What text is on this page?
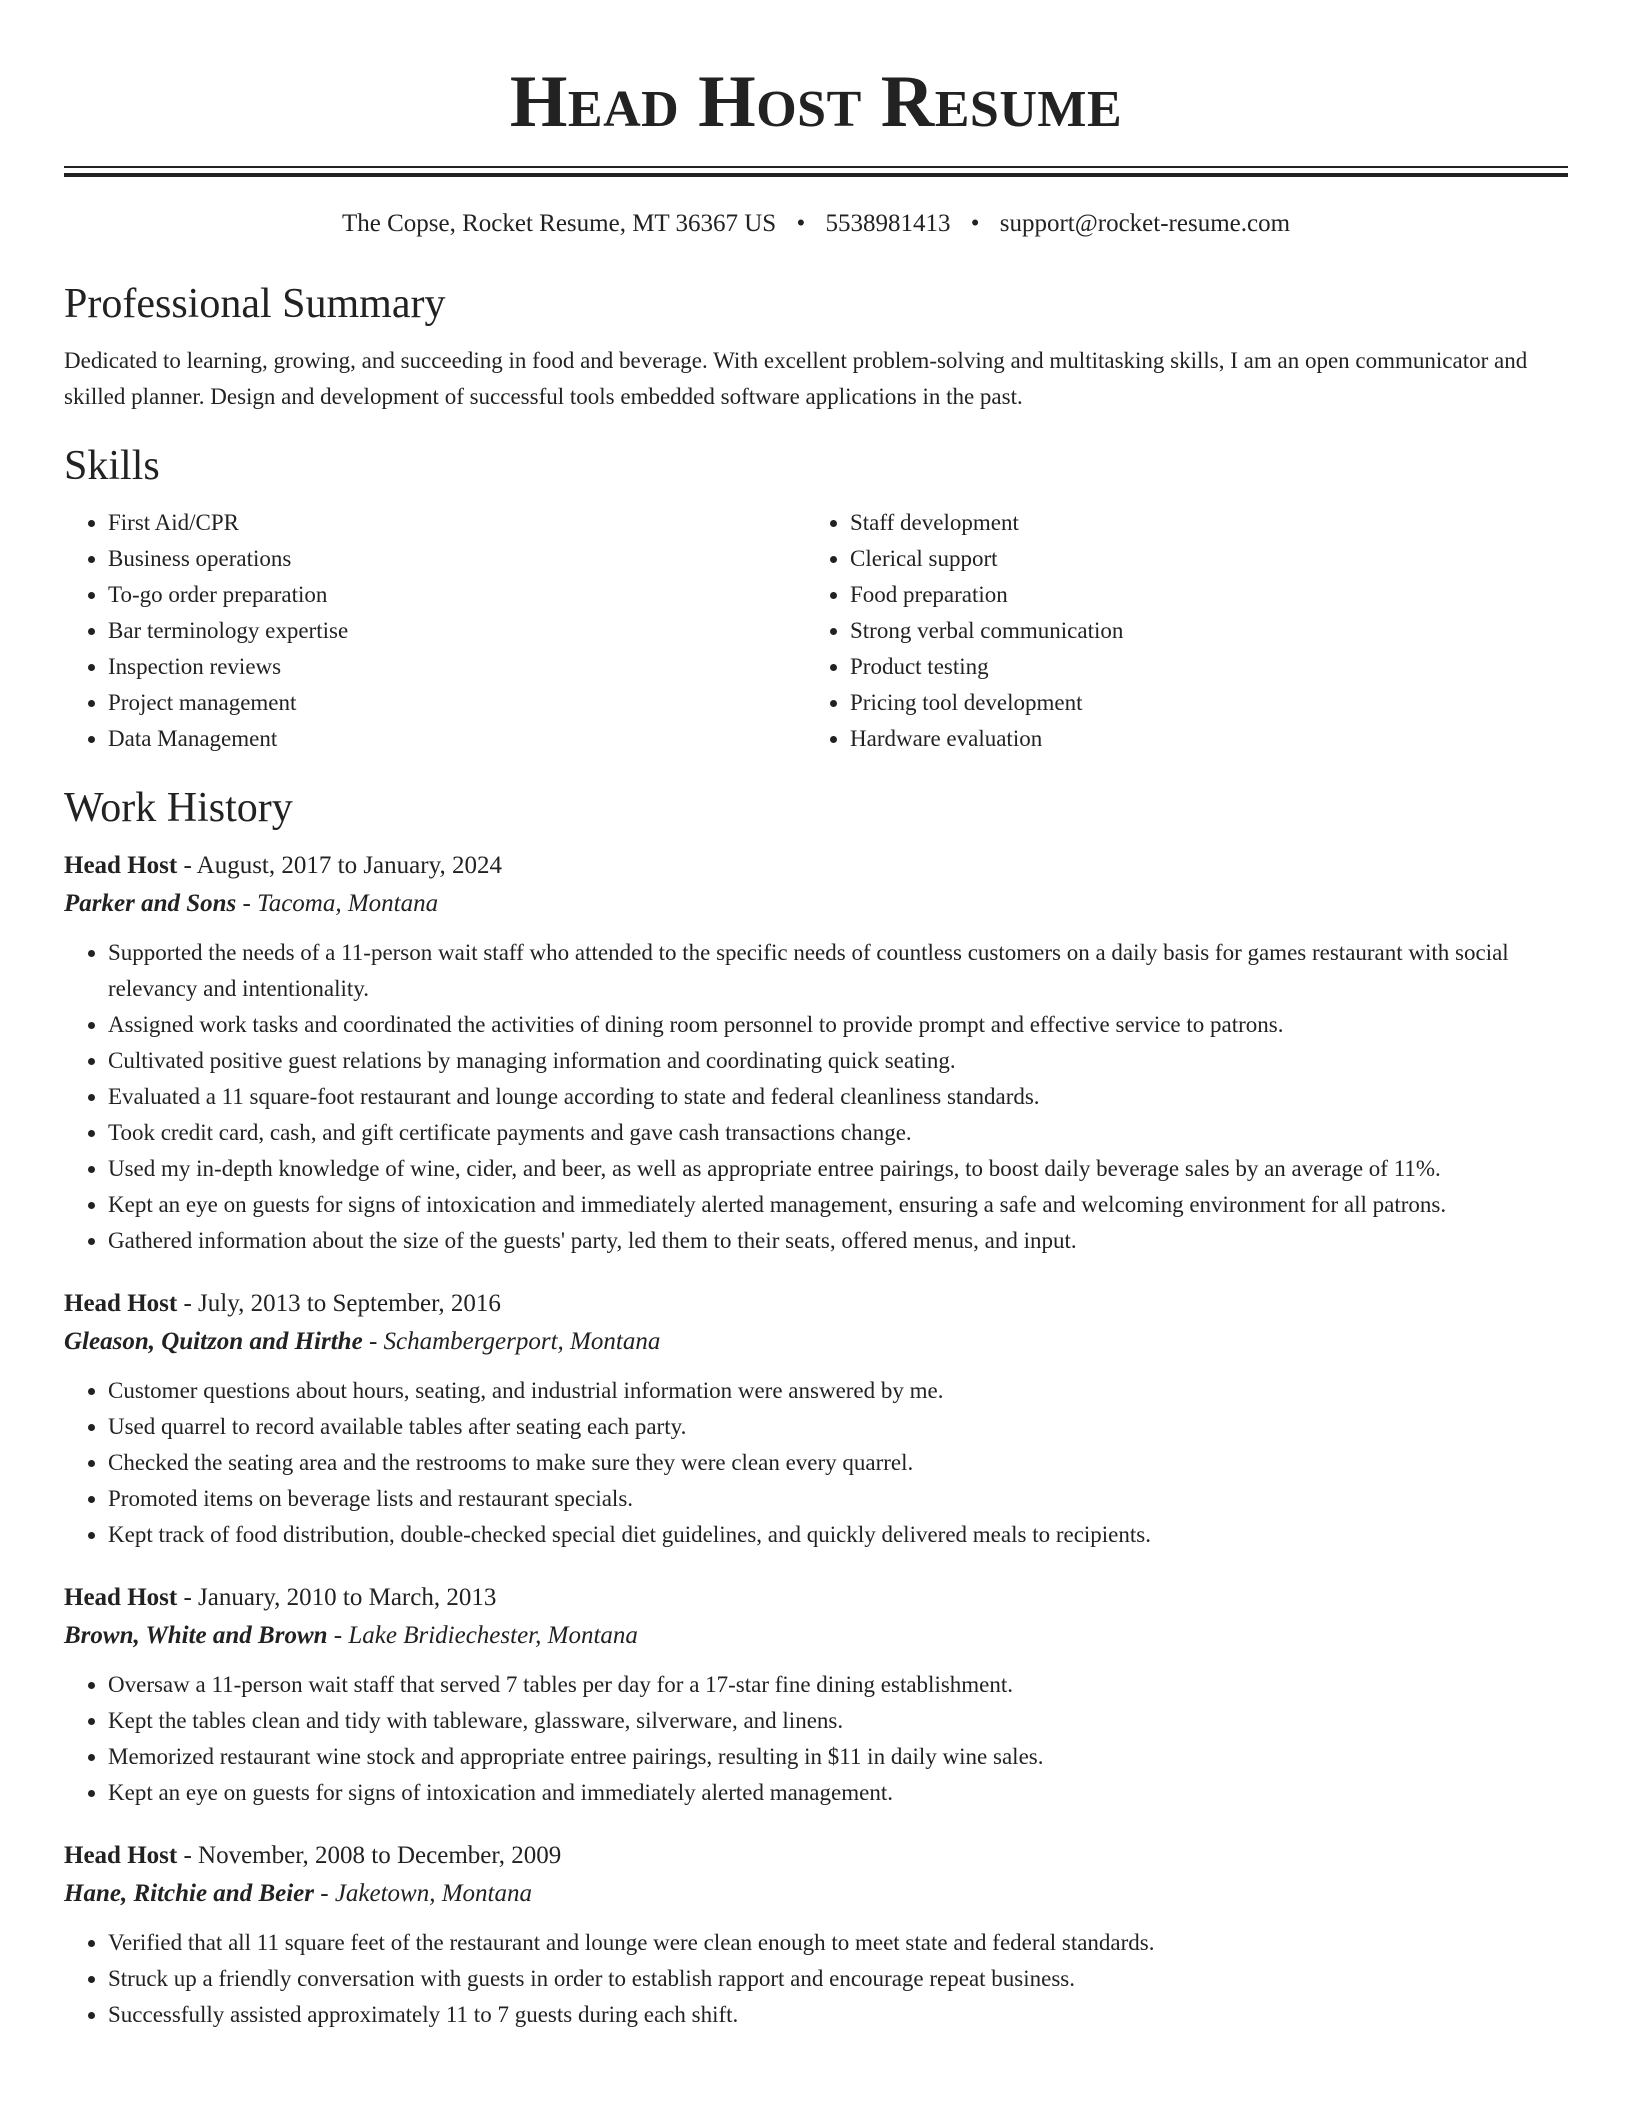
Head Host Resume
The Copse, Rocket Resume, MT 36367 US • 5538981413 • support@rocket-resume.com
Professional Summary

Dedicated to learning, growing, and succeeding in food and beverage. With excellent problem-solving and multitasking skills, I am an open communicator and skilled planner. Design and development of successful tools embedded software applications in the past.

Skills
• First Aid/CPR
• Business operations
• To-go order preparation
• Bar terminology expertise
• Inspection reviews
• Project management
• Data Management
• Staff development
• Clerical support
• Food preparation
• Strong verbal communication
• Product testing
• Pricing tool development
• Hardware evaluation
Work History
Head Host - August, 2017 to January, 2024
Parker and Sons - Tacoma, Montana
• Supported the needs of a 11-person wait staff who attended to the specific needs of countless customers on a daily basis for games restaurant with social relevancy and intentionality.
• Assigned work tasks and coordinated the activities of dining room personnel to provide prompt and effective service to patrons.
• Cultivated positive guest relations by managing information and coordinating quick seating.
• Evaluated a 11 square-foot restaurant and lounge according to state and federal cleanliness standards.
• Took credit card, cash, and gift certificate payments and gave cash transactions change.
• Used my in-depth knowledge of wine, cider, and beer, as well as appropriate entree pairings, to boost daily beverage sales by an average of 11%.
• Kept an eye on guests for signs of intoxication and immediately alerted management, ensuring a safe and welcoming environment for all patrons.
• Gathered information about the size of the guests' party, led them to their seats, offered menus, and input.
Head Host - July, 2013 to September, 2016
Gleason, Quitzon and Hirthe - Schambergerport, Montana
• Customer questions about hours, seating, and industrial information were answered by me.
• Used quarrel to record available tables after seating each party.
• Checked the seating area and the restrooms to make sure they were clean every quarrel.
• Promoted items on beverage lists and restaurant specials.
• Kept track of food distribution, double-checked special diet guidelines, and quickly delivered meals to recipients.
Head Host - January, 2010 to March, 2013
Brown, White and Brown - Lake Bridiechester, Montana
• Oversaw a 11-person wait staff that served 7 tables per day for a 17-star fine dining establishment.
• Kept the tables clean and tidy with tableware, glassware, silverware, and linens.
• Memorized restaurant wine stock and appropriate entree pairings, resulting in $11 in daily wine sales.
• Kept an eye on guests for signs of intoxication and immediately alerted management.
Head Host - November, 2008 to December, 2009
Hane, Ritchie and Beier - Jaketown, Montana
• Verified that all 11 square feet of the restaurant and lounge were clean enough to meet state and federal standards.
• Struck up a friendly conversation with guests in order to establish rapport and encourage repeat business.
• Successfully assisted approximately 11 to 7 guests during each shift.
